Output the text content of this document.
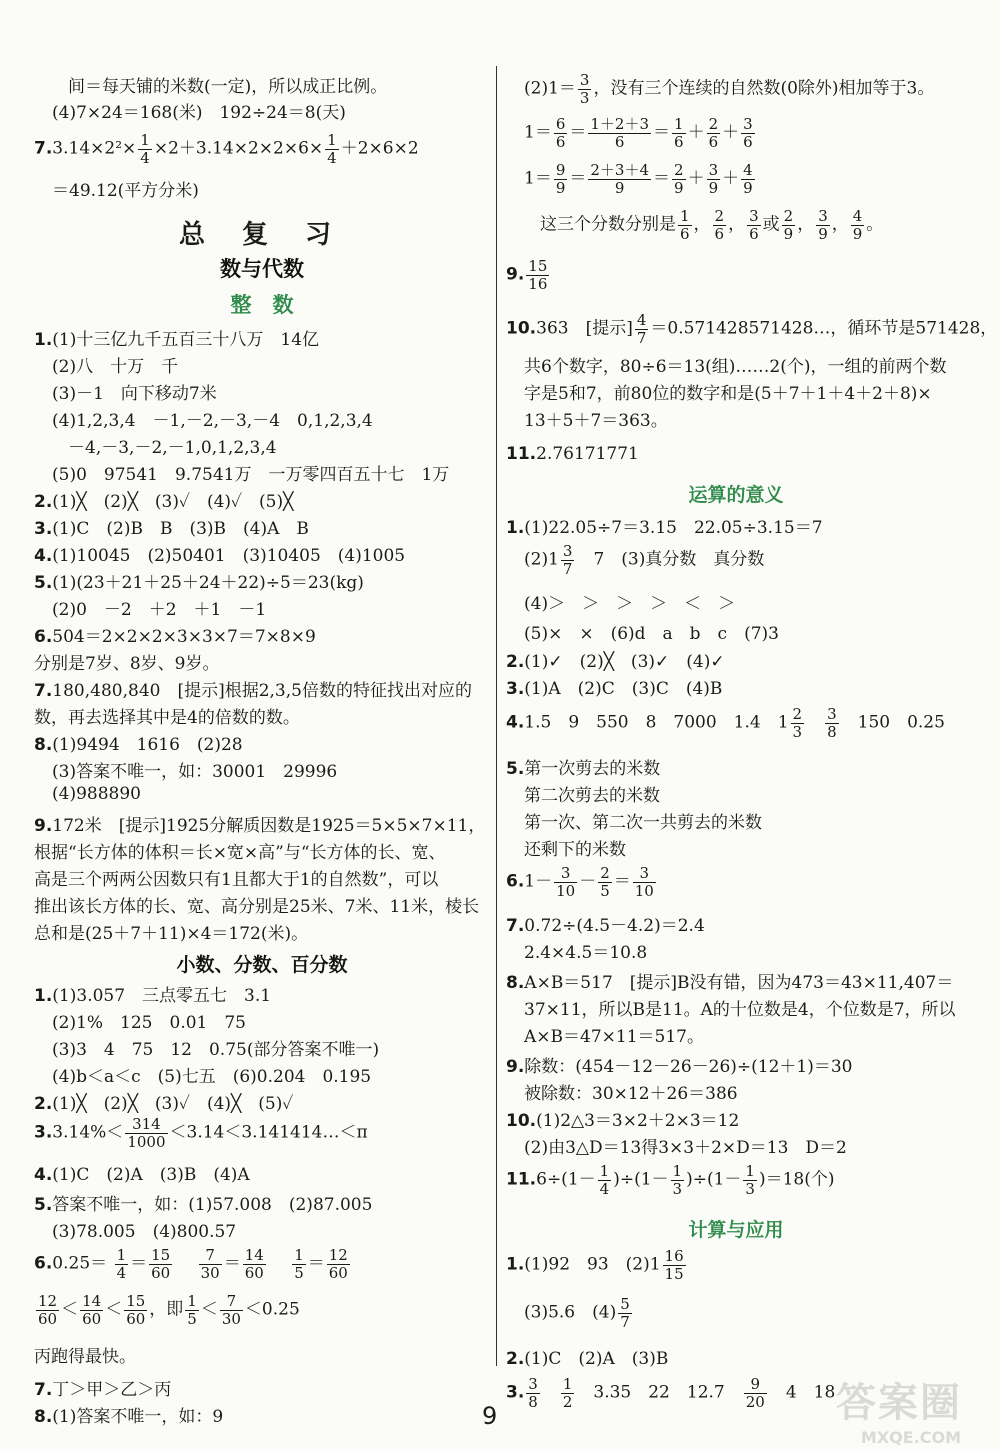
间＝每天铺的米数(一定)，所以成正比例。
(4)7×24＝168(米)　192÷24＝8(天)
$7.3.14\times 2^2\times \frac{1}{4} \times 2+3.14\times 2\times 2\times 6\times \frac{1}{4} +2\times 6\times 2$
＝49.12(平方分米)
总 复 习
数与代数
整　数
1.(1)十三亿九千五百三十八万　14亿
(2)八　十万　千
(3)－1　向下移动7米
(4)1,2,3,4　－1,－2,－3,－4　0,1,2,3,4
－4,－3,－2,－1,0,1,2,3,4
(5)0　97541　9.7541万　一万零四百五十七　1万
2.(1)╳　(2)╳　(3)✓　(4)✓　(5)╳
3.(1)C　(2)B　B　(3)B　(4)A　B
4.(1)10045　(2)50401　(3)10405　(4)1005
5.(1)(23＋21＋25＋24＋22)÷5＝23(kg)
(2)0　－2　＋2　＋1　－1
6.504＝2×2×2×3×3×7＝7×8×9
分别是7岁、8岁、9岁。
7.180,480,840　[提示]根据2,3,5倍数的特征找出对应的
数，再去选择其中是4的倍数的数。
8.(1)9494　1616　(2)28
(3)答案不唯一，如：30001　29996
(4)988890
9.172米　[提示]1925分解质因数是1925＝5×5×7×11，
根据“长方体的体积＝长×宽×高”与“长方体的长、宽、
高是三个两两公因数只有1且都大于1的自然数”，可以
推出该长方体的长、宽、高分别是25米、7米、11米，棱长
总和是(25＋7＋11)×4＝172(米)。
小数、分数、百分数
1.(1)3.057　三点零五七　3.1
(2)1%　125　0.01　75
(3)3　4　75　12　0.75(部分答案不唯一)
(4)b＜a＜c　(5)七五　(6)0.204　0.195
2.(1)╳　(2)╳　(3)✓　(4)╳　(5)✓
$3.3.14\%< \frac{314}{1000}$ ＜3.14＜3.141414…＜π
4.(1)C　(2)A　(3)B　(4)A
5.答案不唯一，如：(1)57.008　(2)87.005
(3)78.005　(4)800.57
$6.0.25= \frac{1}{4} = \frac{15}{60}$
　 $\frac{7}{30} = \frac{14}{60}$
　 $\frac{1}{5} = \frac{12}{60}$
$\frac{12}{60} < \frac{14}{60} < \frac{15}{60}$ ，即 $\frac{1}{5} < \frac{7}{30} <0.25$
丙跑得最快。
7.丁＞甲＞乙＞丙
8.(1)答案不唯一，如：9
$(2)1= \frac{3}{3}$ ，没有三个连续的自然数(0除外)相加等于3。
$1= \frac{6}{6} = \frac{1+2+3}{6} = \frac{1}{6} + \frac{2}{6} + \frac{3}{6}$
$1= \frac{9}{9} = \frac{2+3+4}{9} = \frac{2}{9} + \frac{3}{9} + \frac{4}{9}$
这三个分数分别是 $\frac{1}{6}$ ， $\frac{2}{6}$ ， $\frac{3}{6}$ 或 $\frac{2}{9}$ ， $\frac{3}{9}$ ， $\frac{4}{9}$ 。
9. $\frac{15}{16}$
10.363　[提示] $\frac{4}{7}$ ＝0.571428571428…，循环节是571428，
共6个数字，80÷6＝13(组)……2(个)，一组的前两个数
字是5和7，前80位的数字和是(5＋7＋1＋4＋2＋8)×
13＋5＋7＝363。
11.2.76171771
运算的意义
1.(1)22.05÷7＝3.15　22.05÷3.15＝7
$(2)1 \frac{3}{7}$ 　7　(3)真分数　真分数
(4)＞　＞　＞　＞　＜　＞
(5)×　×　(6)d　a　b　c　(7)3
2.(1)✓　(2)╳　(3)✓　(4)✓
3.(1)A　(2)C　(3)C　(4)B
4.1.5　9　550　8　7000　1.4　$1 \frac{2}{3}$
　 $\frac{3}{8}$ 　150　0.25
5.第一次剪去的米数
第二次剪去的米数
第一次、第二次一共剪去的米数
还剩下的米数
$6.1- \frac{3}{10} - \frac{2}{5} = \frac{3}{10}$
7.0.72÷(4.5－4.2)＝2.4
2.4×4.5＝10.8
8.A×B＝517　[提示]B没有错，因为473＝43×11,407＝
37×11，所以B是11。A的十位数是4，个位数是7，所以
A×B＝47×11＝517。
9.除数：(454－12－26－26)÷(12＋1)＝30
被除数：30×12＋26＝386
10.(1)2△3＝3×2＋2×3＝12
(2)由3△D＝13得3×3＋2×D＝13　D＝2
$11.6\div(1- \frac{1}{4} )\div(1- \frac{1}{3} )\div(1- \frac{1}{3} )=18$(个)
计算与应用
1.(1)92　93　$(2)1 \frac{16}{15}$
(3)5.6　$(4) \frac{5}{7}$
2.(1)C　(2)A　(3)B
3. $\frac{3}{8}$
　 $\frac{1}{2}$
　 3.35　22　12.7　 $\frac{9}{20}$
　 4　18
9	答案圈
MXQE.COM
